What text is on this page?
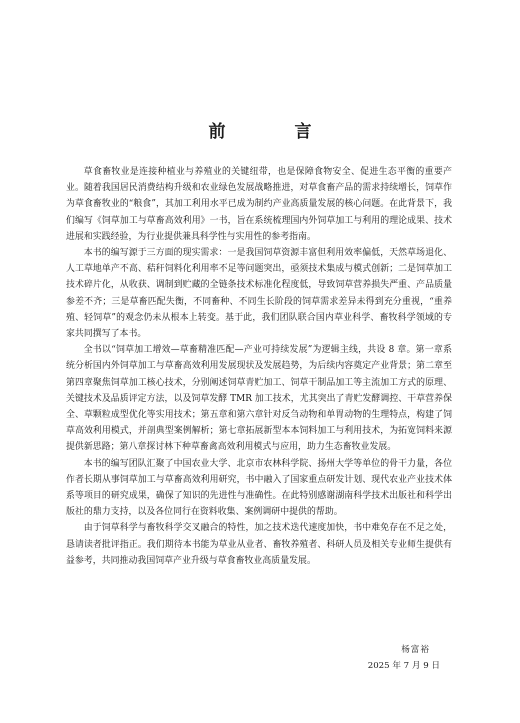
前　言

草食畜牧业是连接种植业与养殖业的关键纽带，也是保障食物安全、促进生态平衡的重要产业。随着我国居民消费结构升级和农业绿色发展战略推进，对草食畜产品的需求持续增长，饲草作为草食畜牧业的“粮食”，其加工利用水平已成为制约产业高质量发展的核心问题。在此背景下，我们编写《饲草加工与草畜高效利用》一书，旨在系统梳理国内外饲草加工与利用的理论成果、技术进展和实践经验，为行业提供兼具科学性与实用性的参考指南。

本书的编写源于三方面的现实需求：一是我国饲草资源丰富但利用效率偏低，天然草场退化、人工草地单产不高、秸秆饲料化利用率不足等问题突出，亟须技术集成与模式创新；二是饲草加工技术碎片化，从收获、调制到贮藏的全链条技术标准化程度低，导致饲草营养损失严重、产品质量参差不齐；三是草畜匹配失衡，不同畜种、不同生长阶段的饲草需求差异未得到充分重视，“重养殖、轻饲草”的观念仍未从根本上转变。基于此，我们团队联合国内草业科学、畜牧科学领域的专家共同撰写了本书。

全书以“饲草加工增效—草畜精准匹配—产业可持续发展”为逻辑主线，共设 8 章。第一章系统分析国内外饲草加工与草畜高效利用发展现状及发展趋势，为后续内容奠定产业背景；第二章至第四章聚焦饲草加工核心技术，分别阐述饲草青贮加工、饲草干制品加工等主流加工方式的原理、关键技术及品质评定方法，以及饲草发酵 TMR 加工技术，尤其突出了青贮发酵调控、干草营养保全、草颗粒成型优化等实用技术；第五章和第六章针对反刍动物和单胃动物的生理特点，构建了饲草高效利用模式，并剖典型案例解析；第七章拓展新型本本饲料加工与利用技术，为拓宽饲料来源提供新思路；第八章探讨林下种草畜禽高效利用模式与应用，助力生态畜牧业发展。

本书的编写团队汇聚了中国农业大学、北京市农林科学院、扬州大学等单位的骨干力量，各位作者长期从事饲草加工与草畜高效利用研究，书中融入了国家重点研发计划、现代农业产业技术体系等项目的研究成果，确保了知识的先进性与准确性。在此特别感谢湖南科学技术出版社和科学出版社的鼎力支持，以及各位同行在资料收集、案例调研中提供的帮助。

由于饲草科学与畜牧科学交叉融合的特性，加之技术迭代速度加快，书中难免存在不足之处，恳请读者批评指正。我们期待本书能为草业从业者、畜牧养殖者、科研人员及相关专业师生提供有益参考，共同推动我国饲草产业升级与草食畜牧业高质量发展。

杨富裕
2025 年 7 月 9 日
